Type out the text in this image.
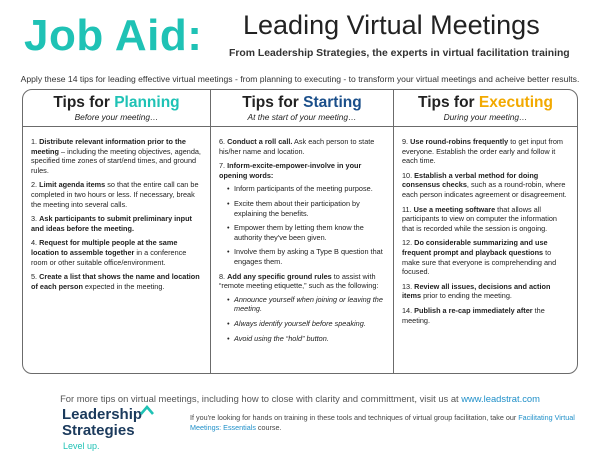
Job Aid: Leading Virtual Meetings
From Leadership Strategies, the experts in virtual facilitation training
Apply these 14 tips for leading effective virtual meetings - from planning to executing - to transform your virtual meetings and acheive better results.
Tips for Planning
Before your meeting…

1. Distribute relevant information prior to the meeting – including the meeting objectives, agenda, specified time zones of start/end times, and ground rules.

2. Limit agenda items so that the entire call can be completed in two hours or less. If necessary, break the meeting into several calls.

3. Ask participants to submit preliminary input and ideas before the meeting.

4. Request for multiple people at the same location to assemble together in a conference room or other suitable office/environment.

5. Create a list that shows the name and location of each person expected in the meeting.

Tips for Starting
At the start of your meeting…

6. Conduct a roll call. Ask each person to state his/her name and location.

7. Inform-excite-empower-involve in your opening words:

• Inform participants of the meeting purpose.
• Excite them about their participation by explaining the benefits.
• Empower them by letting them know the authority they've been given.
• Involve them by asking a Type B question that engages them.

8. Add any specific ground rules to assist with “remote meeting etiquette,” such as the following:

• Announce yourself when joining or leaving the meeting.
• Always identify yourself before speaking.
• Avoid using the “hold” button.
Tips for Executing
During your meeting…

9. Use round-robins frequently to get input from everyone. Establish the order early and follow it each time.

10. Establish a verbal method for doing consensus checks, such as a round-robin, where each person indicates agreement or disagreement.

11. Use a meeting software that allows all participants to view on computer the information that is recorded while the session is ongoing.

12. Do considerable summarizing and use frequent prompt and playback questions to make sure that everyone is comprehending and focused.

13. Review all issues, decisions and action items prior to ending the meeting.

14. Publish a re-cap immediately after the meeting.

For more tips on virtual meetings, including how to close with clarity and committment, visit us at www.leadstrat.com
Leadership
Strategies
Level up.
If you're looking for hands on training in these tools and techniques of virtual group facilitation, take our Facilitating Virtual Meetings: Essentials course.
